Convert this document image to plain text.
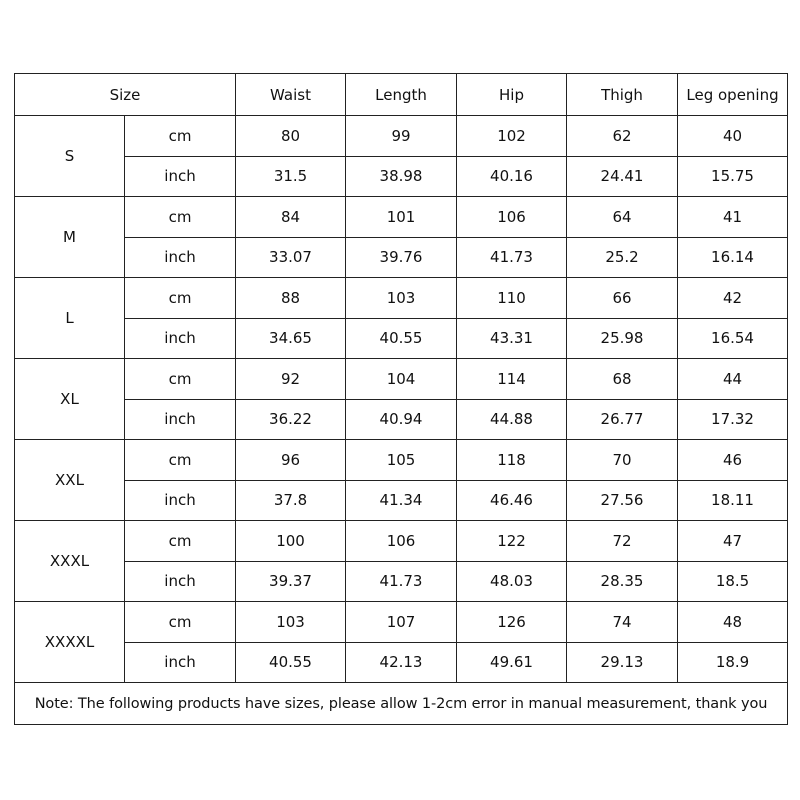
Size		Waist	Length	Hip	Thigh	Leg opening
S	cm	80	99	102	62	40
	inch	31.5	38.98	40.16	24.41	15.75
M	cm	84	101	106	64	41
	inch	33.07	39.76	41.73	25.2	16.14
L	cm	88	103	110	66	42
	inch	34.65	40.55	43.31	25.98	16.54
XL	cm	92	104	114	68	44
	inch	36.22	40.94	44.88	26.77	17.32
XXL	cm	96	105	118	70	46
	inch	37.8	41.34	46.46	27.56	18.11
XXXL	cm	100	106	122	72	47
	inch	39.37	41.73	48.03	28.35	18.5
XXXXL	cm	103	107	126	74	48
	inch	40.55	42.13	49.61	29.13	18.9
Note: The following products have sizes, please allow 1-2cm error in manual measurement, thank you						
